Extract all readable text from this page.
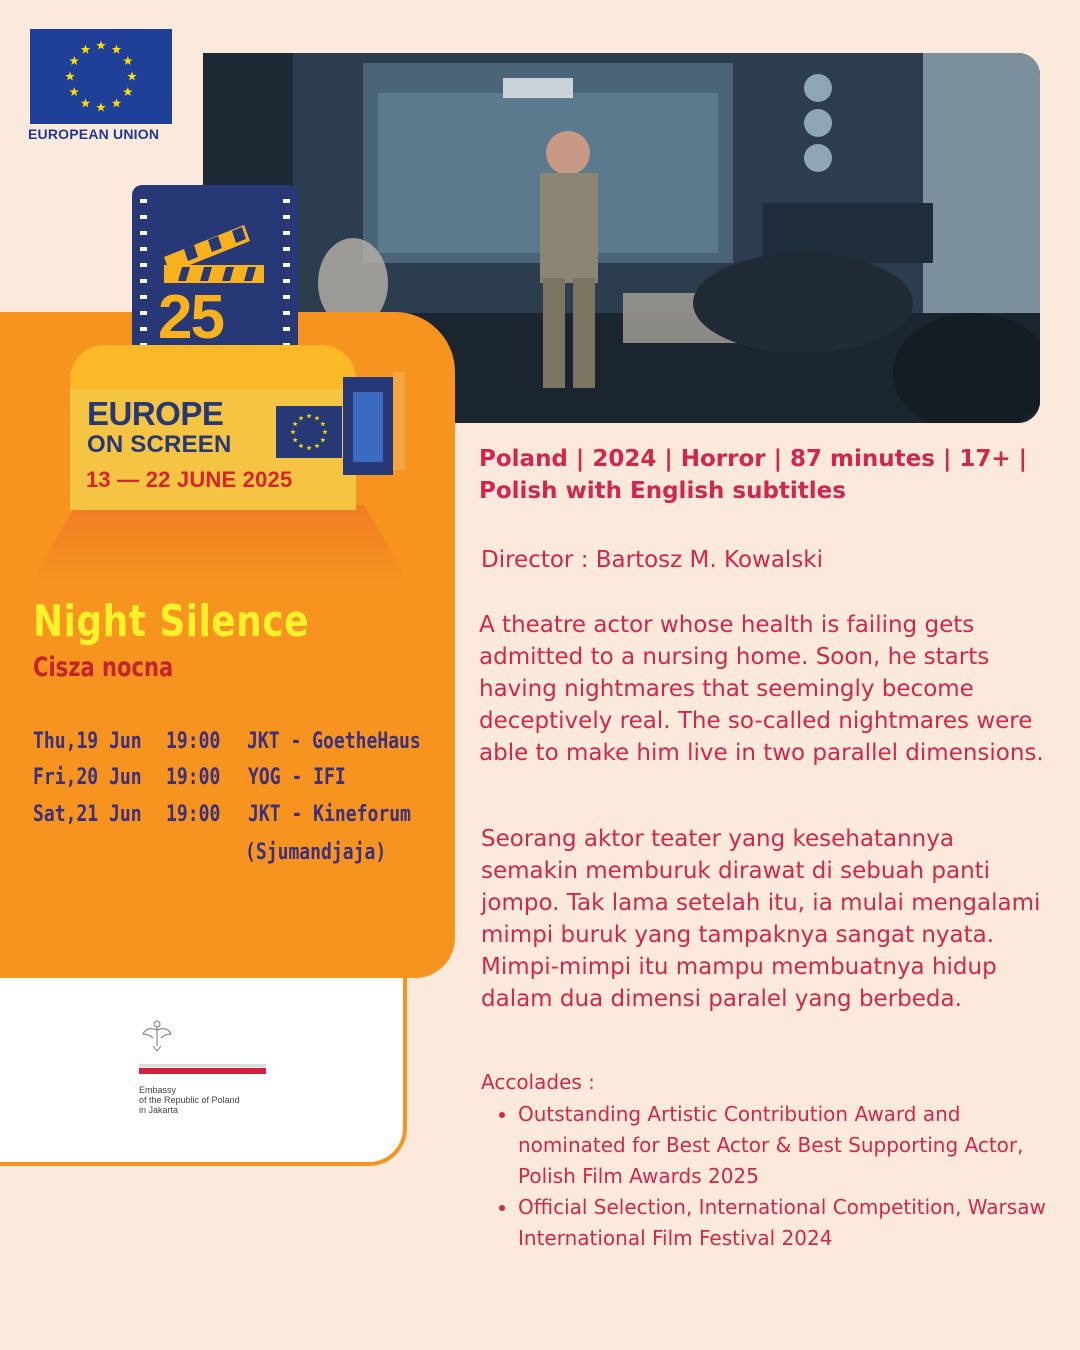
EUROPEAN UNION
25
EUROPE
ON SCREEN
13 — 22 JUNE 2025
Night Silence
Cisza nocna
Thu,19 Jun 19:00 JKT - GoetheHaus
Fri,20 Jun 19:00 YOG - IFI
Sat,21 Jun 19:00 JKT - Kineforum
(Sjumandjaja)
Poland | 2024 | Horror | 87 minutes | 17+ | Polish with English subtitles
Director : Bartosz M. Kowalski
A theatre actor whose health is failing gets admitted to a nursing home. Soon, he starts having nightmares that seemingly become deceptively real. The so-called nightmares were able to make him live in two parallel dimensions.
Seorang aktor teater yang kesehatannya semakin memburuk dirawat di sebuah panti jompo. Tak lama setelah itu, ia mulai mengalami mimpi buruk yang tampaknya sangat nyata. Mimpi-mimpi itu mampu membuatnya hidup dalam dua dimensi paralel yang berbeda.
Accolades :
• Outstanding Artistic Contribution Award and nominated for Best Actor & Best Supporting Actor, Polish Film Awards 2025
• Official Selection, International Competition, Warsaw International Film Festival 2024
Embassy
of the Republic of Poland
in Jakarta
